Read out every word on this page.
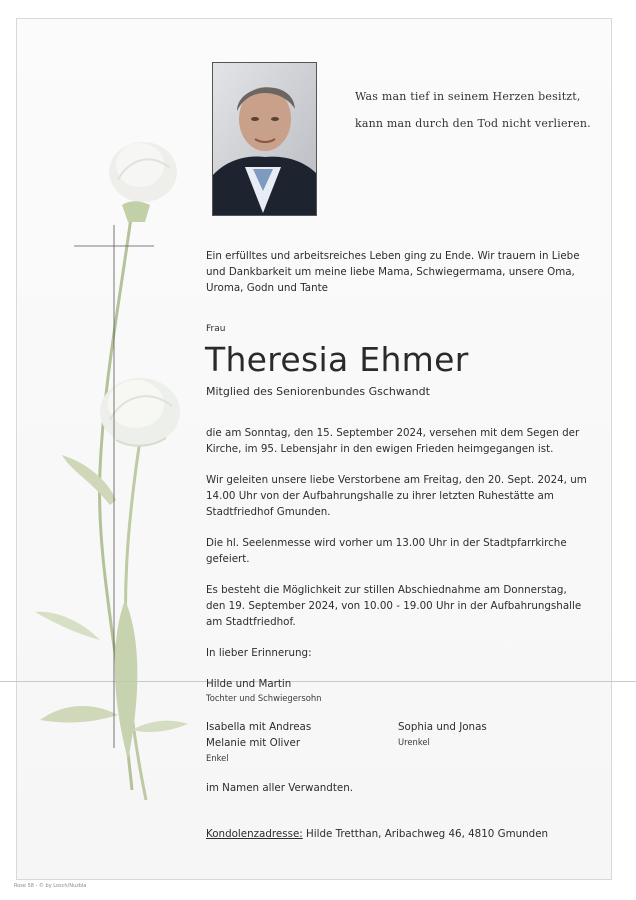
Was man tief in seinem Herzen besitzt,
kann man durch den Tod nicht verlieren.
Ein erfülltes und arbeitsreiches Leben ging zu Ende. Wir trauern in Liebe
und Dankbarkeit um meine liebe Mama, Schwiegermama, unsere Oma,
Uroma, Godn und Tante
Frau
Theresia Ehmer
Mitglied des Seniorenbundes Gschwandt
die am Sonntag, den 15. September 2024, versehen mit dem Segen der
Kirche, im 95. Lebensjahr in den ewigen Frieden heimgegangen ist.
Wir geleiten unsere liebe Verstorbene am Freitag, den 20. Sept. 2024, um
14.00 Uhr von der Aufbahrungshalle zu ihrer letzten Ruhestätte am
Stadtfriedhof Gmunden.
Die hl. Seelenmesse wird vorher um 13.00 Uhr in der Stadtpfarrkirche
gefeiert.
Es besteht die Möglichkeit zur stillen Abschiednahme am Donnerstag,
den 19. September 2024, von 10.00 - 19.00 Uhr in der Aufbahrungshalle
am Stadtfriedhof.
In lieber Erinnerung:
Hilde und Martin
Tochter und Schwiegersohn
Isabella mit Andreas
Melanie mit Oliver
Enkel
Sophia und Jonas
Urenkel
im Namen aller Verwandten.
Kondolenzadresse: Hilde Tretthan, Aribachweg 46, 4810 Gmunden
Rose 58 - © by Losch/Nuzbla
